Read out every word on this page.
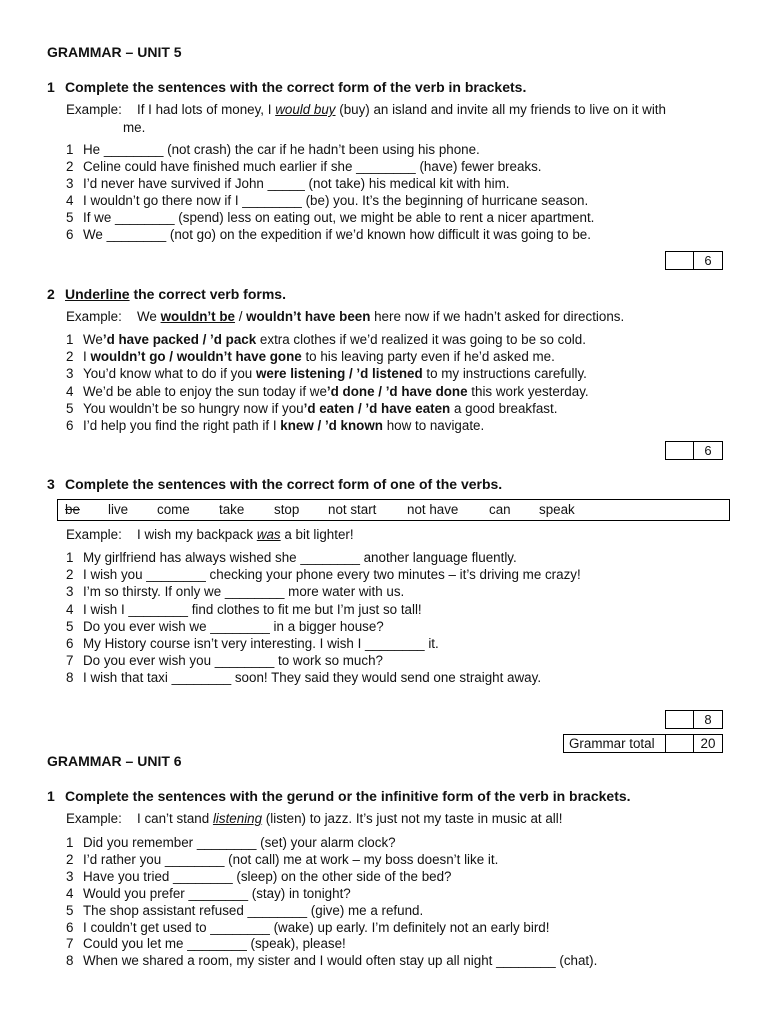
GRAMMAR – UNIT 5
1 Complete the sentences with the correct form of the verb in brackets.
Example: If I had lots of money, I would buy (buy) an island and invite all my friends to live on it with
me.
1 He ________ (not crash) the car if he hadn’t been using his phone.
2 Celine could have finished much earlier if she ________ (have) fewer breaks.
3 I’d never have survived if John _____ (not take) his medical kit with him.
4 I wouldn’t go there now if I ________ (be) you. It’s the beginning of hurricane season.
5 If we ________ (spend) less on eating out, we might be able to rent a nicer apartment.
6 We ________ (not go) on the expedition if we’d known how difficult it was going to be.
6
2 Underline the correct verb forms.
Example: We wouldn’t be / wouldn’t have been here now if we hadn’t asked for directions.
1 We’d have packed / ’d pack extra clothes if we’d realized it was going to be so cold.
2 I wouldn’t go / wouldn’t have gone to his leaving party even if he’d asked me.
3 You’d know what to do if you were listening / ’d listened to my instructions carefully.
4 We’d be able to enjoy the sun today if we’d done / ’d have done this work yesterday.
5 You wouldn’t be so hungry now if you’d eaten / ’d have eaten a good breakfast.
6 I’d help you find the right path if I knew / ’d known how to navigate.
6
3 Complete the sentences with the correct form of one of the verbs.
be live come take stop not start not have can speak
Example: I wish my backpack was a bit lighter!
1 My girlfriend has always wished she ________ another language fluently.
2 I wish you ________ checking your phone every two minutes – it’s driving me crazy!
3 I’m so thirsty. If only we ________ more water with us.
4 I wish I ________ find clothes to fit me but I’m just so tall!
5 Do you ever wish we ________ in a bigger house?
6 My History course isn’t very interesting. I wish I ________ it.
7 Do you ever wish you ________ to work so much?
8 I wish that taxi ________ soon! They said they would send one straight away.
8
Grammar total	20
GRAMMAR – UNIT 6
1 Complete the sentences with the gerund or the infinitive form of the verb in brackets.
Example: I can’t stand listening (listen) to jazz. It’s just not my taste in music at all!
1 Did you remember ________ (set) your alarm clock?
2 I’d rather you ________ (not call) me at work – my boss doesn’t like it.
3 Have you tried ________ (sleep) on the other side of the bed?
4 Would you prefer ________ (stay) in tonight?
5 The shop assistant refused ________ (give) me a refund.
6 I couldn’t get used to ________ (wake) up early. I’m definitely not an early bird!
7 Could you let me ________ (speak), please!
8 When we shared a room, my sister and I would often stay up all night ________ (chat).
